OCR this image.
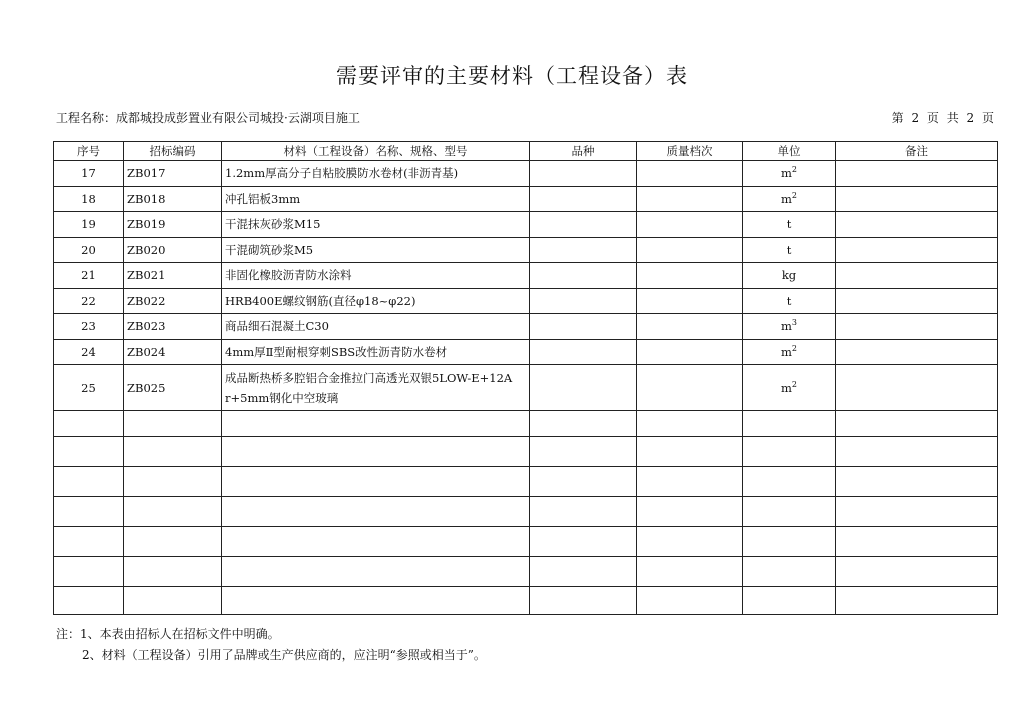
需要评审的主要材料（工程设备）表
工程名称：成都城投成彭置业有限公司城投·云湖项目施工	第 2 页 共 2 页
序号	招标编码	材料（工程设备）名称、规格、型号	品种	质量档次	单位	备注
17	ZB017	1.2mm厚高分子自粘胶膜防水卷材(非沥青基)			$m^2$	
18	ZB018	冲孔铝板3mm			$m^2$	
19	ZB019	干混抹灰砂浆M15			t	
20	ZB020	干混砌筑砂浆M5			t	
21	ZB021	非固化橡胶沥青防水涂料			kg	
22	ZB022	HRB400E螺纹钢筋(直径φ18~φ22)			t	
23	ZB023	商品细石混凝土C30			$m^3$	
24	ZB024	4mm厚Ⅱ型耐根穿刺SBS改性沥青防水卷材			$m^2$	
25	ZB025	成品断热桥多腔铝合金推拉门高透光双银5LOW-E+12A
r+5mm钢化中空玻璃			$m^2$	

注：1、本表由招标人在招标文件中明确。
2、材料（工程设备）引用了品牌或生产供应商的，应注明“参照或相当于”。
